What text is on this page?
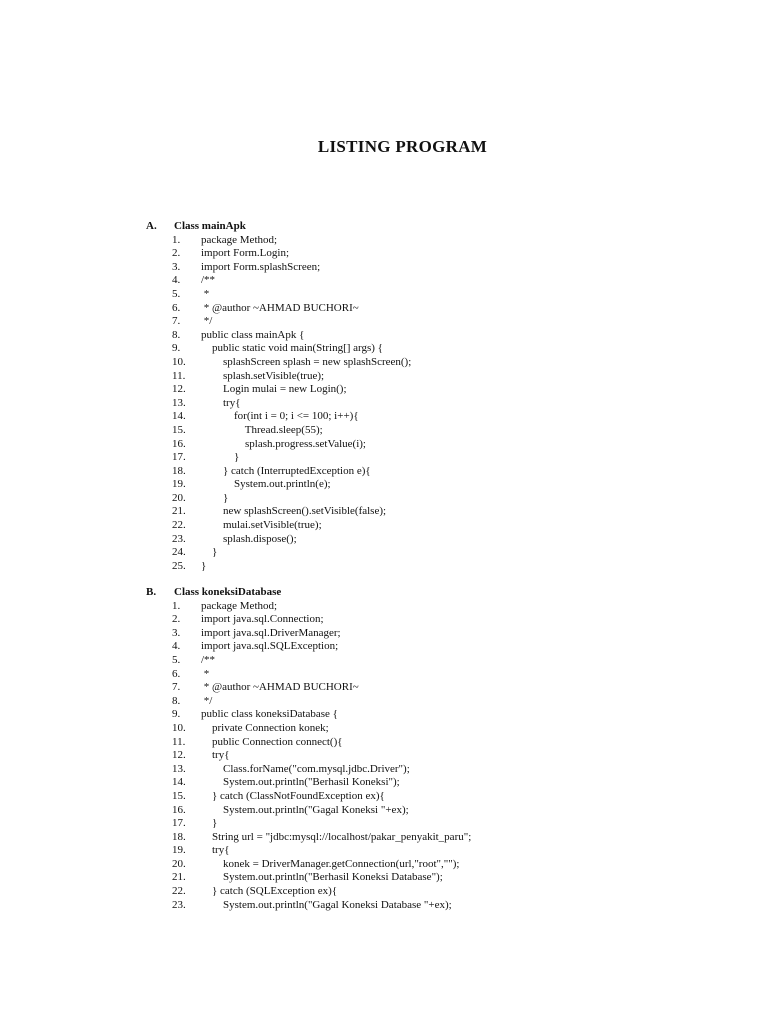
LISTING PROGRAM
A. Class mainApk
1.	package Method;
2.	import Form.Login;
3.	import Form.splashScreen;
4.	/**
5.	*
6.	* @author ~AHMAD BUCHORI~
7.	*/
8.	public class mainApk {
9.	public static void main(String[] args) {
10.	splashScreen splash = new splashScreen();
11.	splash.setVisible(true);
12.	Login mulai = new Login();
13.	try{
14.	for(int i = 0; i <= 100; i++){
15.	Thread.sleep(55);
16.	splash.progress.setValue(i);
17.	}
18.	} catch (InterruptedException e){
19.	System.out.println(e);
20.	}
21.	new splashScreen().setVisible(false);
22.	mulai.setVisible(true);
23.	splash.dispose();
24.	}
25.	}
B. Class koneksiDatabase
1.	package Method;
2.	import java.sql.Connection;
3.	import java.sql.DriverManager;
4.	import java.sql.SQLException;
5.	/**
6.	*
7.	* @author ~AHMAD BUCHORI~
8.	*/
9.	public class koneksiDatabase {
10.	private Connection konek;
11.	public Connection connect(){
12.	try{
13.	Class.forName("com.mysql.jdbc.Driver");
14.	System.out.println("Berhasil Koneksi");
15.	} catch (ClassNotFoundException ex){
16.	System.out.println("Gagal Koneksi "+ex);
17.	}
18.	String url = "jdbc:mysql://localhost/pakar_penyakit_paru";
19.	try{
20.	konek = DriverManager.getConnection(url,"root","");
21.	System.out.println("Berhasil Koneksi Database");
22.	} catch (SQLException ex){
23.	System.out.println("Gagal Koneksi Database "+ex);
